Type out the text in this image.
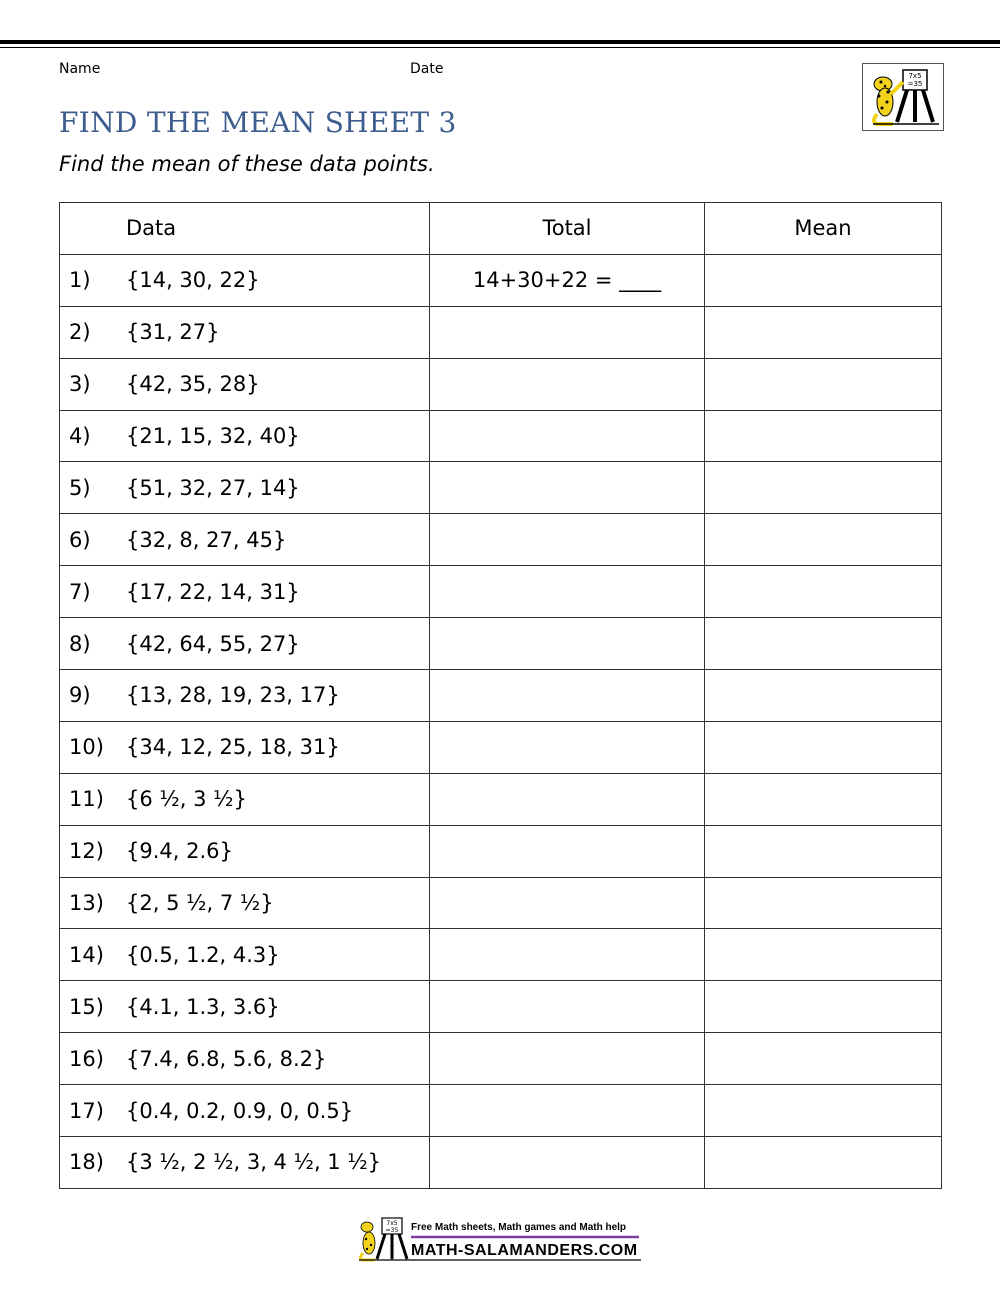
Name	Date	7x5
=35
FIND THE MEAN SHEET 3
Find the mean of these data points.
Data	Total	Mean
1) {14, 30, 22}	14+30+22 = ____	
2) {31, 27}		
3) {42, 35, 28}		
4) {21, 15, 32, 40}		
5) {51, 32, 27, 14}		
6) {32, 8, 27, 45}		
7) {17, 22, 14, 31}		
8) {42, 64, 55, 27}		
9) {13, 28, 19, 23, 17}		
10) {34, 12, 25, 18, 31}		
11) {6 ½, 3 ½}		
12) {9.4, 2.6}		
13) {2, 5 ½, 7 ½}		
14) {0.5, 1.2, 4.3}		
15) {4.1, 1.3, 3.6}		
16) {7.4, 6.8, 5.6, 8.2}		
17) {0.4, 0.2, 0.9, 0, 0.5}		
18) {3 ½, 2 ½, 3, 4 ½, 1 ½}		
7x5
=35 Free Math sheets, Math games and Math help
MATH-SALAMANDERS.COM
